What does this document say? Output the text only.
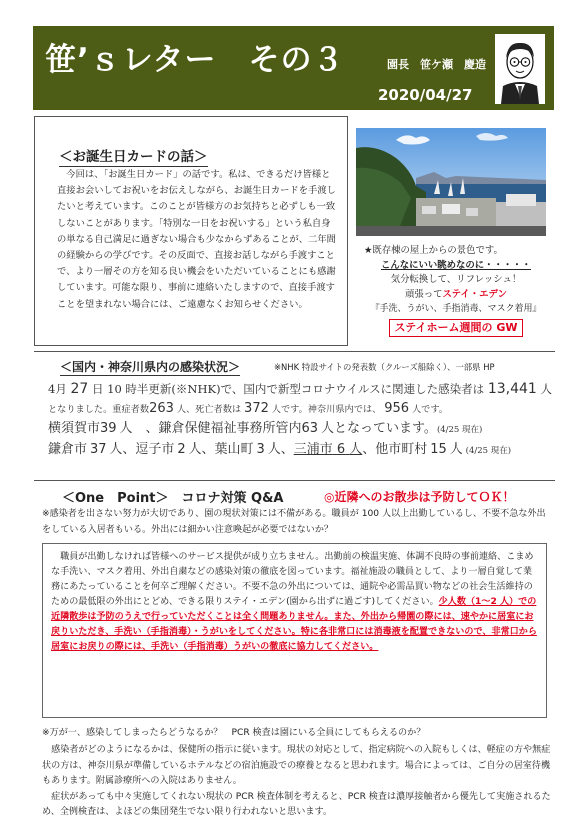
笹’ｓレター　その３	園長　笹ケ瀬　慶造
2020/04/27
＜お誕生日カードの話＞
今回は、「お誕生日カード」の話です。私は、できるだけ皆様と直接お会いしてお祝いをお伝えしながら、お誕生日カードを手渡したいと考えています。このことが皆様方のお気持ちと必ずしも一致しないことがあります。「特別な一日をお祝いする」という私自身の単なる自己満足に過ぎない場合も少なからずあることが、二年間の経験からの学びです。その反面で、直接お話しながら手渡すことで、より一層その方を知る良い機会をいただいていることにも感謝しています。可能な限り、事前に連絡いたしますので、直接手渡すことを望まれない場合には、ご遠慮なくお知らせください。
★既存棟の屋上からの景色です。
こんなにいい眺めなのに・・・・・
気分転換して、リフレッシュ！
頑張ってステイ・エデン
『手洗、うがい、手指消毒、マスク着用』
ステイホーム週間の GW
＜国内・神奈川県内の感染状況＞	※NHK 特設サイトの発表数（クルーズ船除く）、一部県 HP
4月 27 日 10 時半更新(※NHK)で、国内で新型コロナウイルスに関連した感染者は 13,441 人
となりました。重症者数263 人、死亡者数は 372 人です。神奈川県内では、 956 人です。
横須賀市39 人　、鎌倉保健福祉事務所管内63 人となっています。(4/25 現在)
鎌倉市 37 人、逗子市 2 人、葉山町 3 人、三浦市 6 人、他市町村 15 人 (4/25 現在)
＜One　Point＞　コロナ対策 Q&A	◎近隣へのお散歩は予防してＯＫ！
※感染者を出さない努力が大切であり、園の現状対策には不備がある。職員が 100 人以上出勤しているし、不要不急な外出をしている入居者もいる。外出には細かい注意喚起が必要ではないか？
職員が出勤しなければ皆様へのサービス提供が成り立ちません。出勤前の検温実施、体調不良時の事前連絡、こまめな手洗い、マスク着用、外出自粛などの感染対策の徹底を図っています。福祉施設の職員として、より一層自覚して業務にあたっていることを何卒ご理解ください。不要不急の外出については、通院や必需品買い物などの社会生活維持のための最低限の外出にとどめ、できる限りステイ・エデン(園から出ずに過ごす)してください。少人数（1～2 人）での近隣散歩は予防のうえで行っていただくことは全く問題ありません。また、外出から帰園の際には、速やかに居室にお戻りいただき、手洗い（手指消毒）・うがいをしてください。特に各非常口には消毒液を配置できないので、非常口から居室にお戻りの際には、手洗い（手指消毒）うがいの徹底に協力してください。
※万が一、感染してしまったらどうなるか？　PCR 検査は園にいる全員にしてもらえるのか？

感染者がどのようになるかは、保健所の指示に従います。現状の対応として、指定病院への入院もしくは、軽症の方や無症状の方は、神奈川県が準備しているホテルなどの宿泊施設での療養となると思われます。場合によっては、ご自分の居室待機もあります。附属診療所への入院はありません。

症状があっても中々実施してくれない現状の PCR 検査体制を考えると、PCR 検査は濃厚接触者から優先して実施されるため、全例検査は、よほどの集団発生でない限り行われないと思います。
